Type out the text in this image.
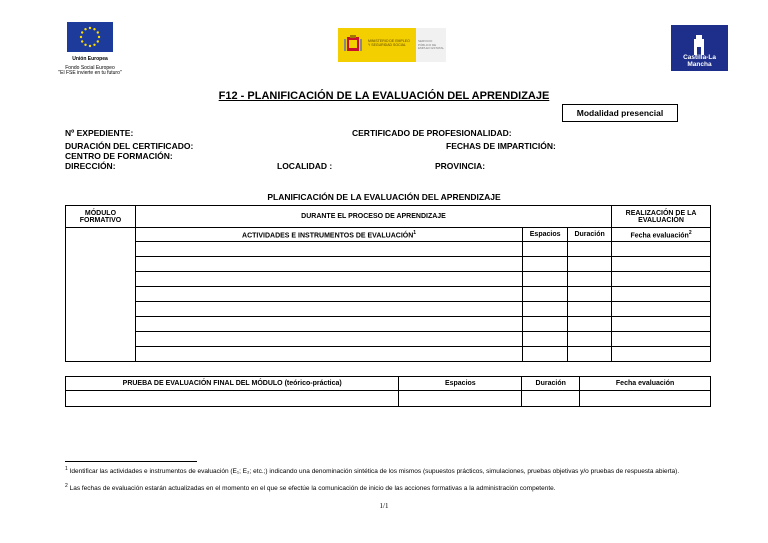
Unión Europea
Fondo Social Europeo
"El FSE invierte en tu futuro"
MINISTERIO DE EMPLEO Y SEGURIDAD SOCIAL
SERVICIO PÚBLICO DE EMPLEO ESTATAL
Castilla-La Mancha
F12 - PLANIFICACIÓN DE LA EVALUACIÓN DEL APRENDIZAJE
Modalidad presencial
Nº EXPEDIENTE:	CERTIFICADO DE PROFESIONALIDAD:
DURACIÓN DEL CERTIFICADO:	FECHAS DE IMPARTICIÓN:
CENTRO DE FORMACIÓN:
DIRECCIÓN:	LOCALIDAD :	PROVINCIA:
PLANIFICACIÓN DE LA EVALUACIÓN DEL APRENDIZAJE
MÓDULO FORMATIVO	DURANTE EL PROCESO DE APRENDIZAJE			REALIZACIÓN DE LA EVALUACIÓN
	ACTIVIDADES E INSTRUMENTOS DE EVALUACIÓN$^1$	Espacios	Duración	Fecha evaluación$^2$

PRUEBA DE EVALUACIÓN FINAL DEL MÓDULO (teórico-práctica)	Espacios	Duración	Fecha evaluación

$^1$ Identificar las actividades e instrumentos de evaluación (E₁; E₂; etc.;) indicando una denominación sintética de los mismos (supuestos prácticos, simulaciones, pruebas objetivas y/o pruebas de respuesta abierta).
$^2$ Las fechas de evaluación estarán actualizadas en el momento en el que se efectúe la comunicación de inicio de las acciones formativas a la administración competente.
1/1
